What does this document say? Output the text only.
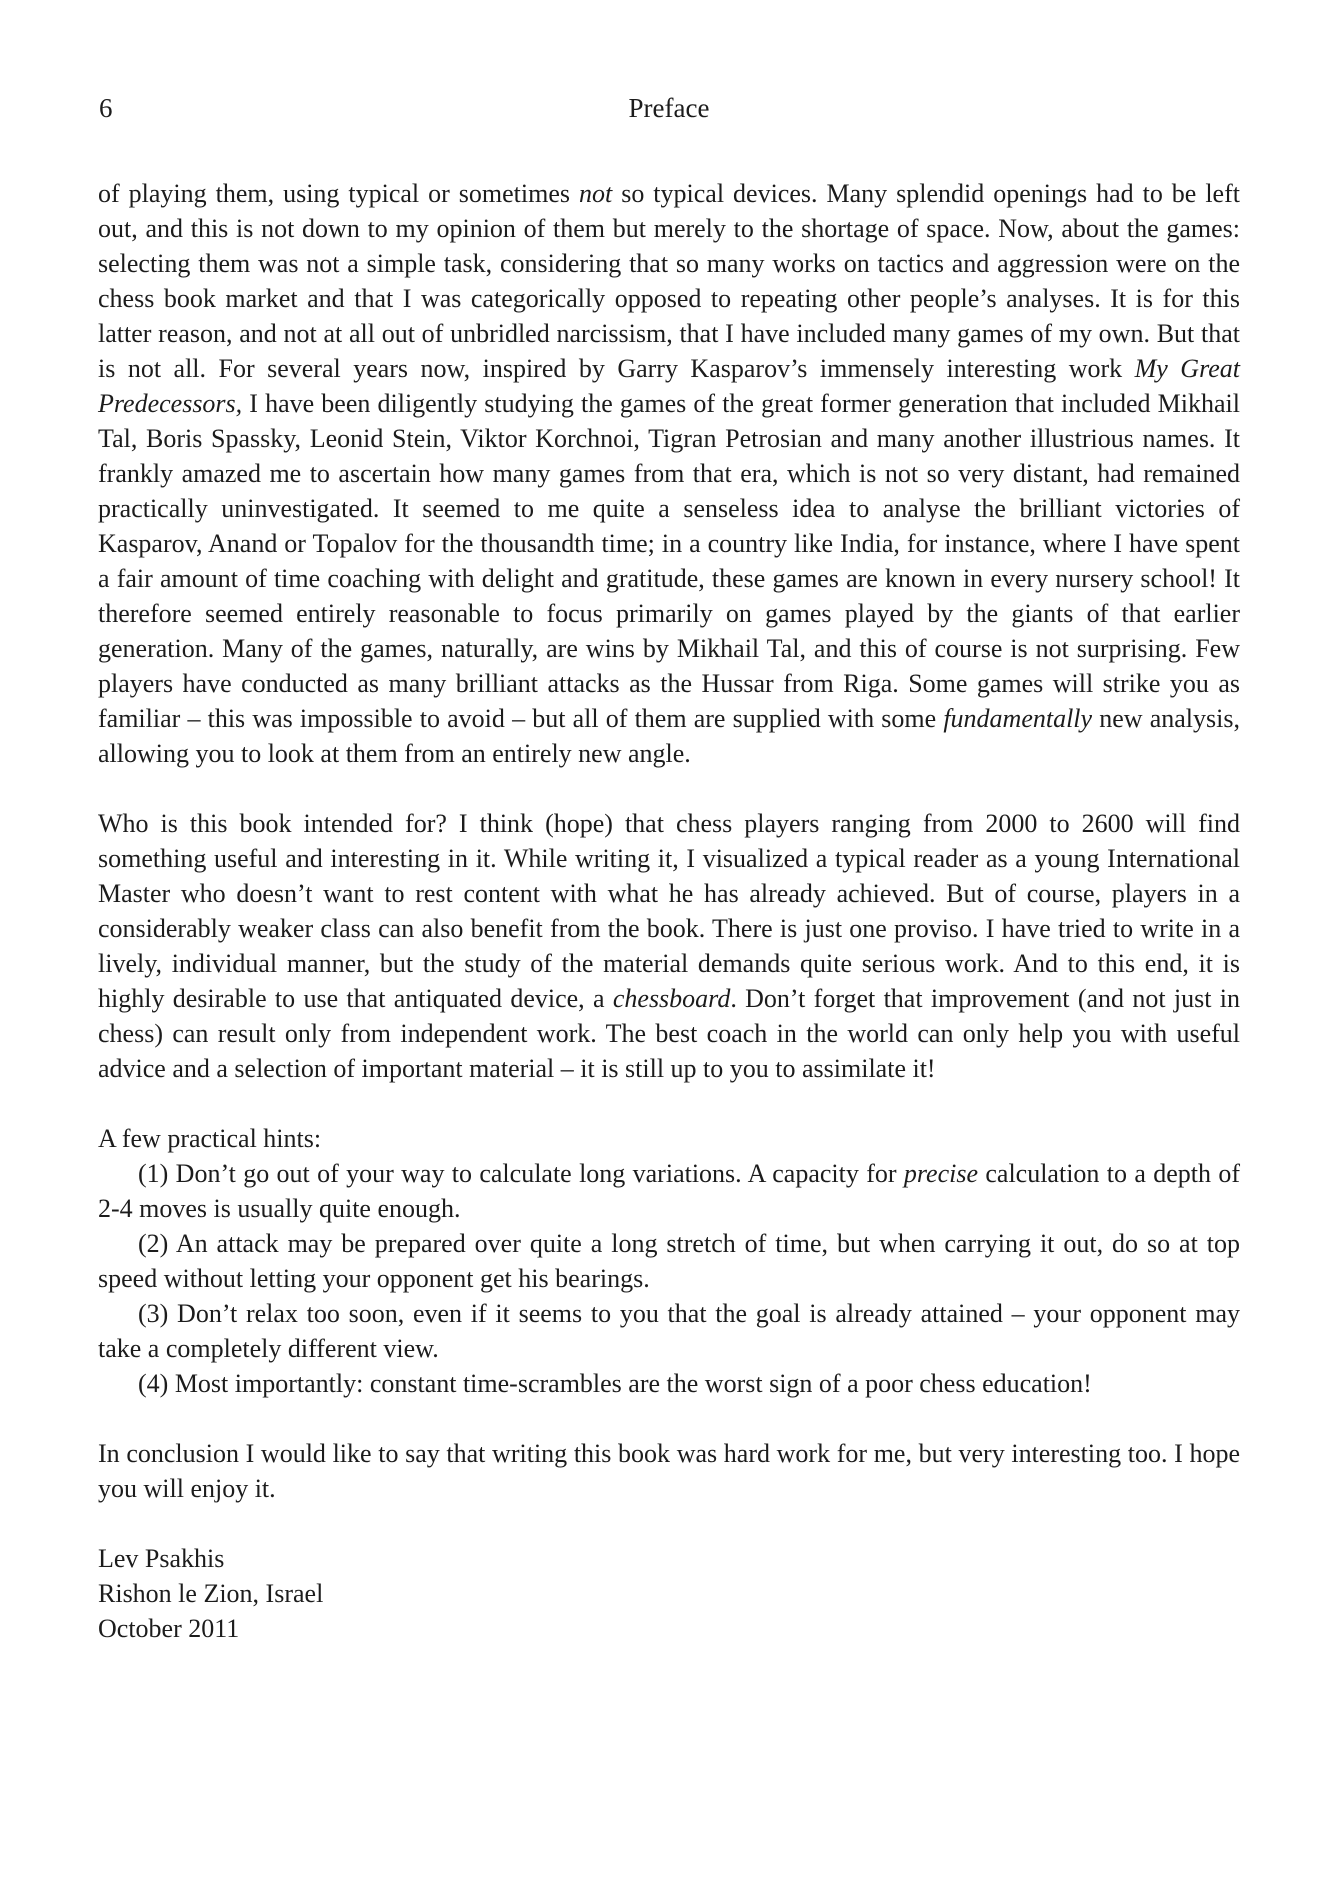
6	Preface

of playing them, using typical or sometimes not so typical devices. Many splendid openings had to be left out, and this is not down to my opinion of them but merely to the shortage of space. Now, about the games: selecting them was not a simple task, considering that so many works on tactics and aggression were on the chess book market and that I was categorically opposed to repeating other people’s analyses. It is for this latter reason, and not at all out of unbridled narcissism, that I have included many games of my own. But that is not all. For several years now, inspired by Garry Kasparov’s immensely interesting work My Great Predecessors, I have been diligently studying the games of the great former generation that included Mikhail Tal, Boris Spassky, Leonid Stein, Viktor Korchnoi, Tigran Petrosian and many another illustrious names. It frankly amazed me to ascertain how many games from that era, which is not so very distant, had remained practically uninvestigated. It seemed to me quite a senseless idea to analyse the brilliant victories of Kasparov, Anand or Topalov for the thousandth time; in a country like India, for instance, where I have spent a fair amount of time coaching with delight and gratitude, these games are known in every nursery school! It therefore seemed entirely reasonable to focus primarily on games played by the giants of that earlier generation. Many of the games, naturally, are wins by Mikhail Tal, and this of course is not surprising. Few players have conducted as many brilliant attacks as the Hussar from Riga. Some games will strike you as familiar – this was impossible to avoid – but all of them are supplied with some fundamentally new analysis, allowing you to look at them from an entirely new angle.

Who is this book intended for? I think (hope) that chess players ranging from 2000 to 2600 will find something useful and interesting in it. While writing it, I visualized a typical reader as a young International Master who doesn’t want to rest content with what he has already achieved. But of course, players in a considerably weaker class can also benefit from the book. There is just one proviso. I have tried to write in a lively, individual manner, but the study of the material demands quite serious work. And to this end, it is highly desirable to use that antiquated device, a chessboard. Don’t forget that improvement (and not just in chess) can result only from independent work. The best coach in the world can only help you with useful advice and a selection of important material – it is still up to you to assimilate it!

A few practical hints:

(1) Don’t go out of your way to calculate long variations. A capacity for precise calculation to a depth of 2-4 moves is usually quite enough.

(2) An attack may be prepared over quite a long stretch of time, but when carrying it out, do so at top speed without letting your opponent get his bearings.

(3) Don’t relax too soon, even if it seems to you that the goal is already attained – your opponent may take a completely different view.

(4) Most importantly: constant time-scrambles are the worst sign of a poor chess education!

In conclusion I would like to say that writing this book was hard work for me, but very interesting too. I hope you will enjoy it.

Lev Psakhis

Rishon le Zion, Israel

October 2011
